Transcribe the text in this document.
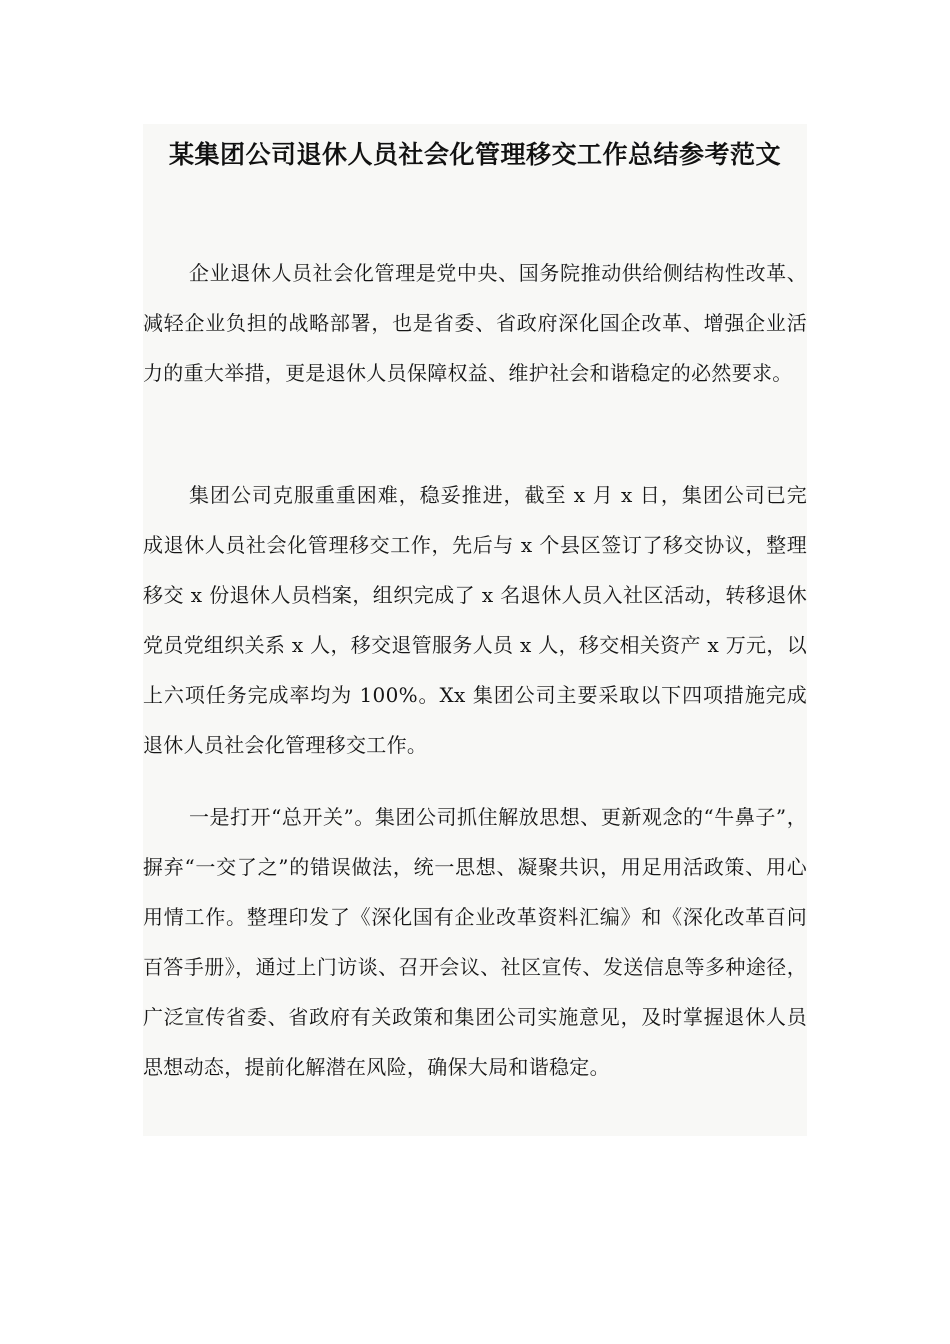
某集团公司退休人员社会化管理移交工作总结参考范文

企业退休人员社会化管理是党中央、国务院推动供给侧结构性改革、减轻企业负担的战略部署，也是省委、省政府深化国企改革、增强企业活力的重大举措，更是退休人员保障权益、维护社会和谐稳定的必然要求。

集团公司克服重重困难，稳妥推进，截至 x 月 x 日，集团公司已完成退休人员社会化管理移交工作，先后与 x 个县区签订了移交协议，整理移交 x 份退休人员档案，组织完成了 x 名退休人员入社区活动，转移退休党员党组织关系 x 人，移交退管服务人员 x 人，移交相关资产 x 万元，以上六项任务完成率均为 100%。Xx 集团公司主要采取以下四项措施完成退休人员社会化管理移交工作。

一是打开“总开关”。集团公司抓住解放思想、更新观念的“牛鼻子”，摒弃“一交了之”的错误做法，统一思想、凝聚共识，用足用活政策、用心用情工作。整理印发了《深化国有企业改革资料汇编》和《深化改革百问百答手册》，通过上门访谈、召开会议、社区宣传、发送信息等多种途径，广泛宣传省委、省政府有关政策和集团公司实施意见，及时掌握退休人员思想动态，提前化解潜在风险，确保大局和谐稳定。
